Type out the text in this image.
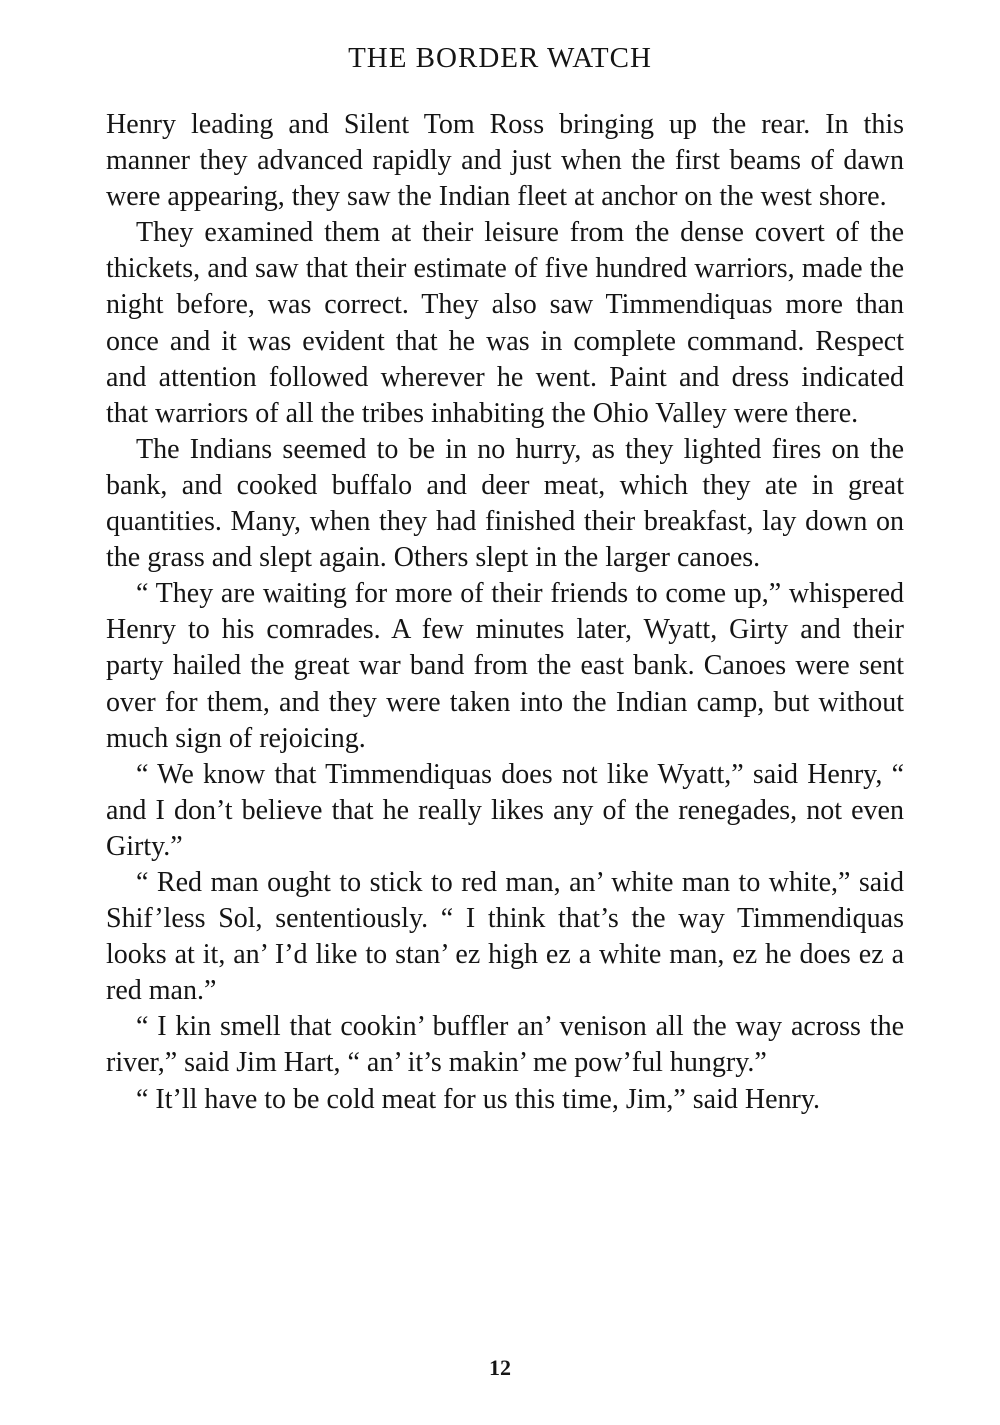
THE BORDER WATCH

Henry leading and Silent Tom Ross bringing up the rear. In this manner they advanced rapidly and just when the first beams of dawn were appearing, they saw the Indian fleet at anchor on the west shore.

They examined them at their leisure from the dense covert of the thickets, and saw that their estimate of five hundred warriors, made the night before, was correct. They also saw Timmendiquas more than once and it was evident that he was in complete command. Respect and attention followed wherever he went. Paint and dress indicated that warriors of all the tribes inhabiting the Ohio Valley were there.

The Indians seemed to be in no hurry, as they lighted fires on the bank, and cooked buffalo and deer meat, which they ate in great quantities. Many, when they had finished their breakfast, lay down on the grass and slept again. Others slept in the larger canoes.

“ They are waiting for more of their friends to come up,” whispered Henry to his comrades. A few minutes later, Wyatt, Girty and their party hailed the great war band from the east bank. Canoes were sent over for them, and they were taken into the Indian camp, but without much sign of rejoicing.

“ We know that Timmendiquas does not like Wyatt,” said Henry, “ and I don’t believe that he really likes any of the renegades, not even Girty.”

“ Red man ought to stick to red man, an’ white man to white,” said Shif’less Sol, sententiously. “ I think that’s the way Timmendiquas looks at it, an’ I’d like to stan’ ez high ez a white man, ez he does ez a red man.”

“ I kin smell that cookin’ buffler an’ venison all the way across the river,” said Jim Hart, “ an’ it’s makin’ me pow’ful hungry.”

“ It’ll have to be cold meat for us this time, Jim,” said Henry.

12
